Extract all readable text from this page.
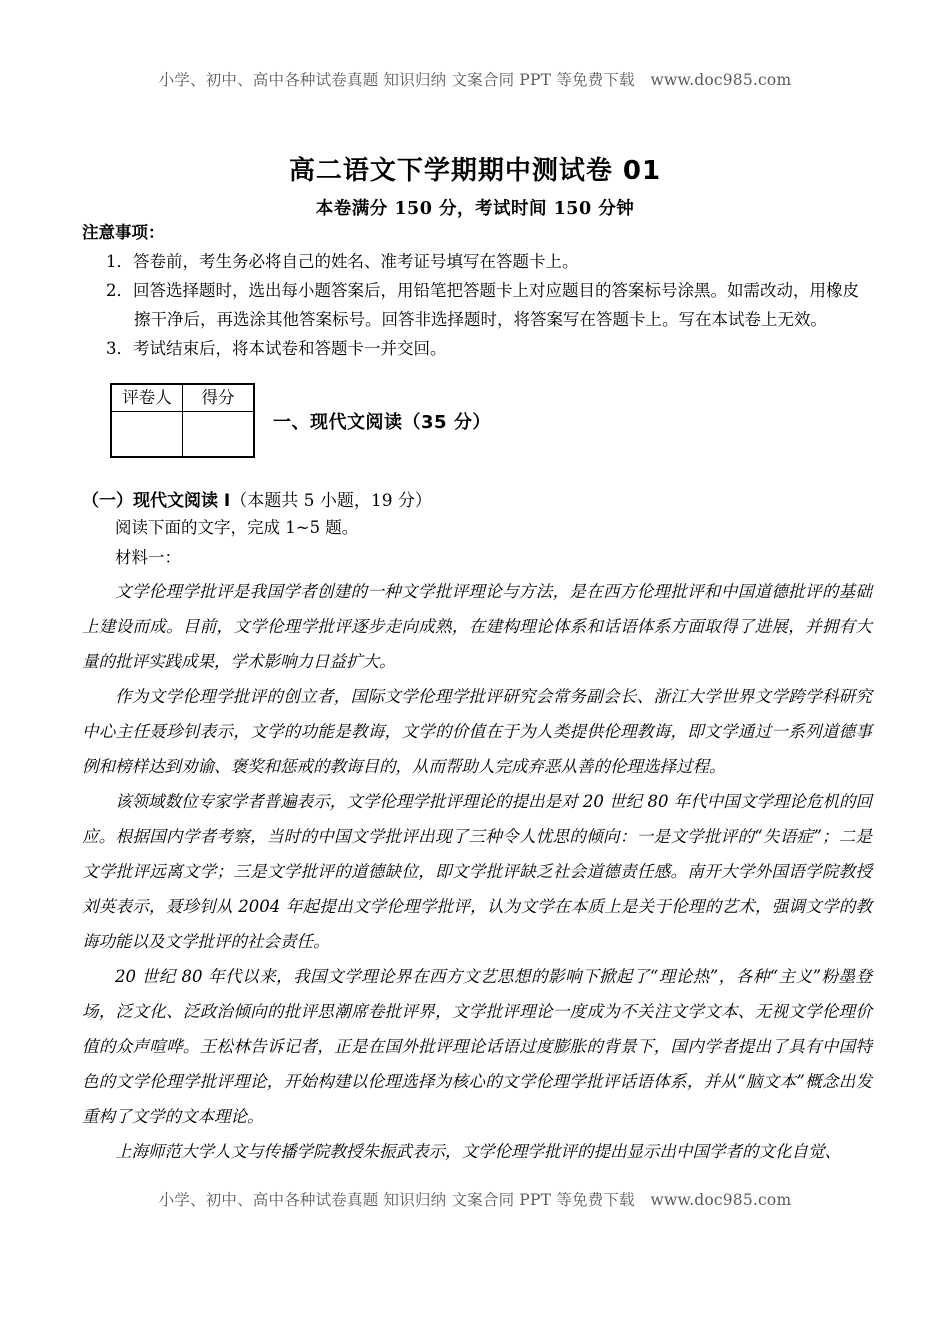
小学、初中、高中各种试卷真题 知识归纳 文案合同 PPT 等免费下载　www.doc985.com
高二语文下学期期中测试卷 01
本卷满分 150 分，考试时间 150 分钟
注意事项：
1．答卷前，考生务必将自己的姓名、准考证号填写在答题卡上。
2．回答选择题时，选出每小题答案后，用铅笔把答题卡上对应题目的答案标号涂黑。如需改动，用橡皮擦干净后，再选涂其他答案标号。回答非选择题时，将答案写在答题卡上。写在本试卷上无效。
3．考试结束后，将本试卷和答题卡一并交回。
评卷人	得分

一、现代文阅读（35 分）
（一）现代文阅读 I（本题共 5 小题，19 分）
阅读下面的文字，完成 1~5 题。
材料一：

文学伦理学批评是我国学者创建的一种文学批评理论与方法，是在西方伦理批评和中国道德批评的基础上建设而成。目前，文学伦理学批评逐步走向成熟，在建构理论体系和话语体系方面取得了进展，并拥有大量的批评实践成果，学术影响力日益扩大。

作为文学伦理学批评的创立者，国际文学伦理学批评研究会常务副会长、浙江大学世界文学跨学科研究中心主任聂珍钊表示，文学的功能是教诲，文学的价值在于为人类提供伦理教诲，即文学通过一系列道德事例和榜样达到劝谕、褒奖和惩戒的教诲目的，从而帮助人完成弃恶从善的伦理选择过程。

该领域数位专家学者普遍表示，文学伦理学批评理论的提出是对 20 世纪 80 年代中国文学理论危机的回应。根据国内学者考察，当时的中国文学批评出现了三种令人忧思的倾向：一是文学批评的“失语症”；二是文学批评远离文学；三是文学批评的道德缺位，即文学批评缺乏社会道德责任感。南开大学外国语学院教授刘英表示，聂珍钊从 2004 年起提出文学伦理学批评，认为文学在本质上是关于伦理的艺术，强调文学的教诲功能以及文学批评的社会责任。

20 世纪 80 年代以来，我国文学理论界在西方文艺思想的影响下掀起了“理论热”，各种“主义”粉墨登场，泛文化、泛政治倾向的批评思潮席卷批评界，文学批评理论一度成为不关注文学文本、无视文学伦理价值的众声喧哗。王松林告诉记者，正是在国外批评理论话语过度膨胀的背景下，国内学者提出了具有中国特色的文学伦理学批评理论，开始构建以伦理选择为核心的文学伦理学批评话语体系，并从“脑文本”概念出发重构了文学的文本理论。

上海师范大学人文与传播学院教授朱振武表示，文学伦理学批评的提出显示出中国学者的文化自觉、

小学、初中、高中各种试卷真题 知识归纳 文案合同 PPT 等免费下载　www.doc985.com
